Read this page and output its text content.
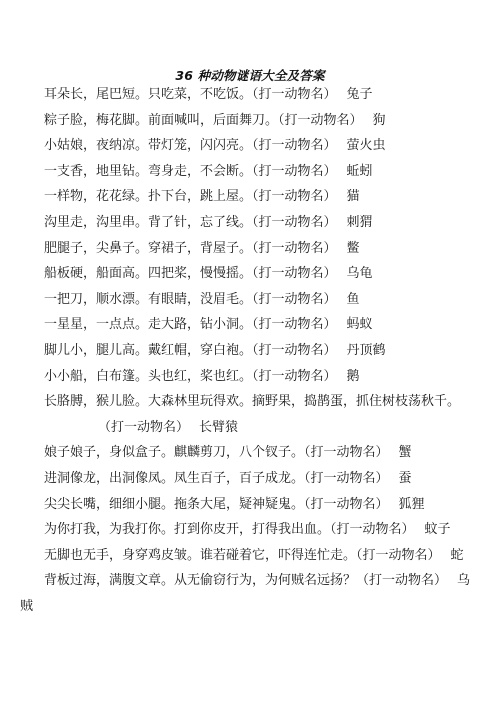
36 种动物谜语大全及答案
耳朵长，尾巴短。只吃菜，不吃饭。（打一动物名） 兔子
粽子脸，梅花脚。前面喊叫，后面舞刀。（打一动物名） 狗
小姑娘，夜纳凉。带灯笼，闪闪亮。（打一动物名） 萤火虫
一支香，地里钻。弯身走，不会断。（打一动物名） 蚯蚓
一样物，花花绿。扑下台，跳上屋。（打一动物名） 猫
沟里走，沟里串。背了针，忘了线。（打一动物名） 刺猬
肥腿子，尖鼻子。穿裙子，背屋子。（打一动物名） 鳖
船板硬，船面高。四把桨，慢慢摇。（打一动物名） 乌龟
一把刀，顺水漂。有眼睛，没眉毛。（打一动物名） 鱼
一星星，一点点。走大路，钻小洞。（打一动物名） 蚂蚁
脚儿小，腿儿高。戴红帽，穿白袍。（打一动物名） 丹顶鹤
小小船，白布篷。头也红，桨也红。（打一动物名） 鹅
长胳膊，猴儿脸。大森林里玩得欢。摘野果，捣鹊蛋，抓住树枝荡秋千。
（打一动物名） 长臂猿
娘子娘子，身似盒子。麒麟剪刀，八个钗子。（打一动物名） 蟹
进洞像龙，出洞像凤。凤生百子，百子成龙。（打一动物名） 蚕
尖尖长嘴，细细小腿。拖条大尾，疑神疑鬼。（打一动物名） 狐狸
为你打我，为我打你。打到你皮开，打得我出血。（打一动物名） 蚊子
无脚也无手，身穿鸡皮皱。谁若碰着它，吓得连忙走。（打一动物名） 蛇
背板过海，满腹文章。从无偷窃行为，为何贼名远扬？（打一动物名） 乌
贼
